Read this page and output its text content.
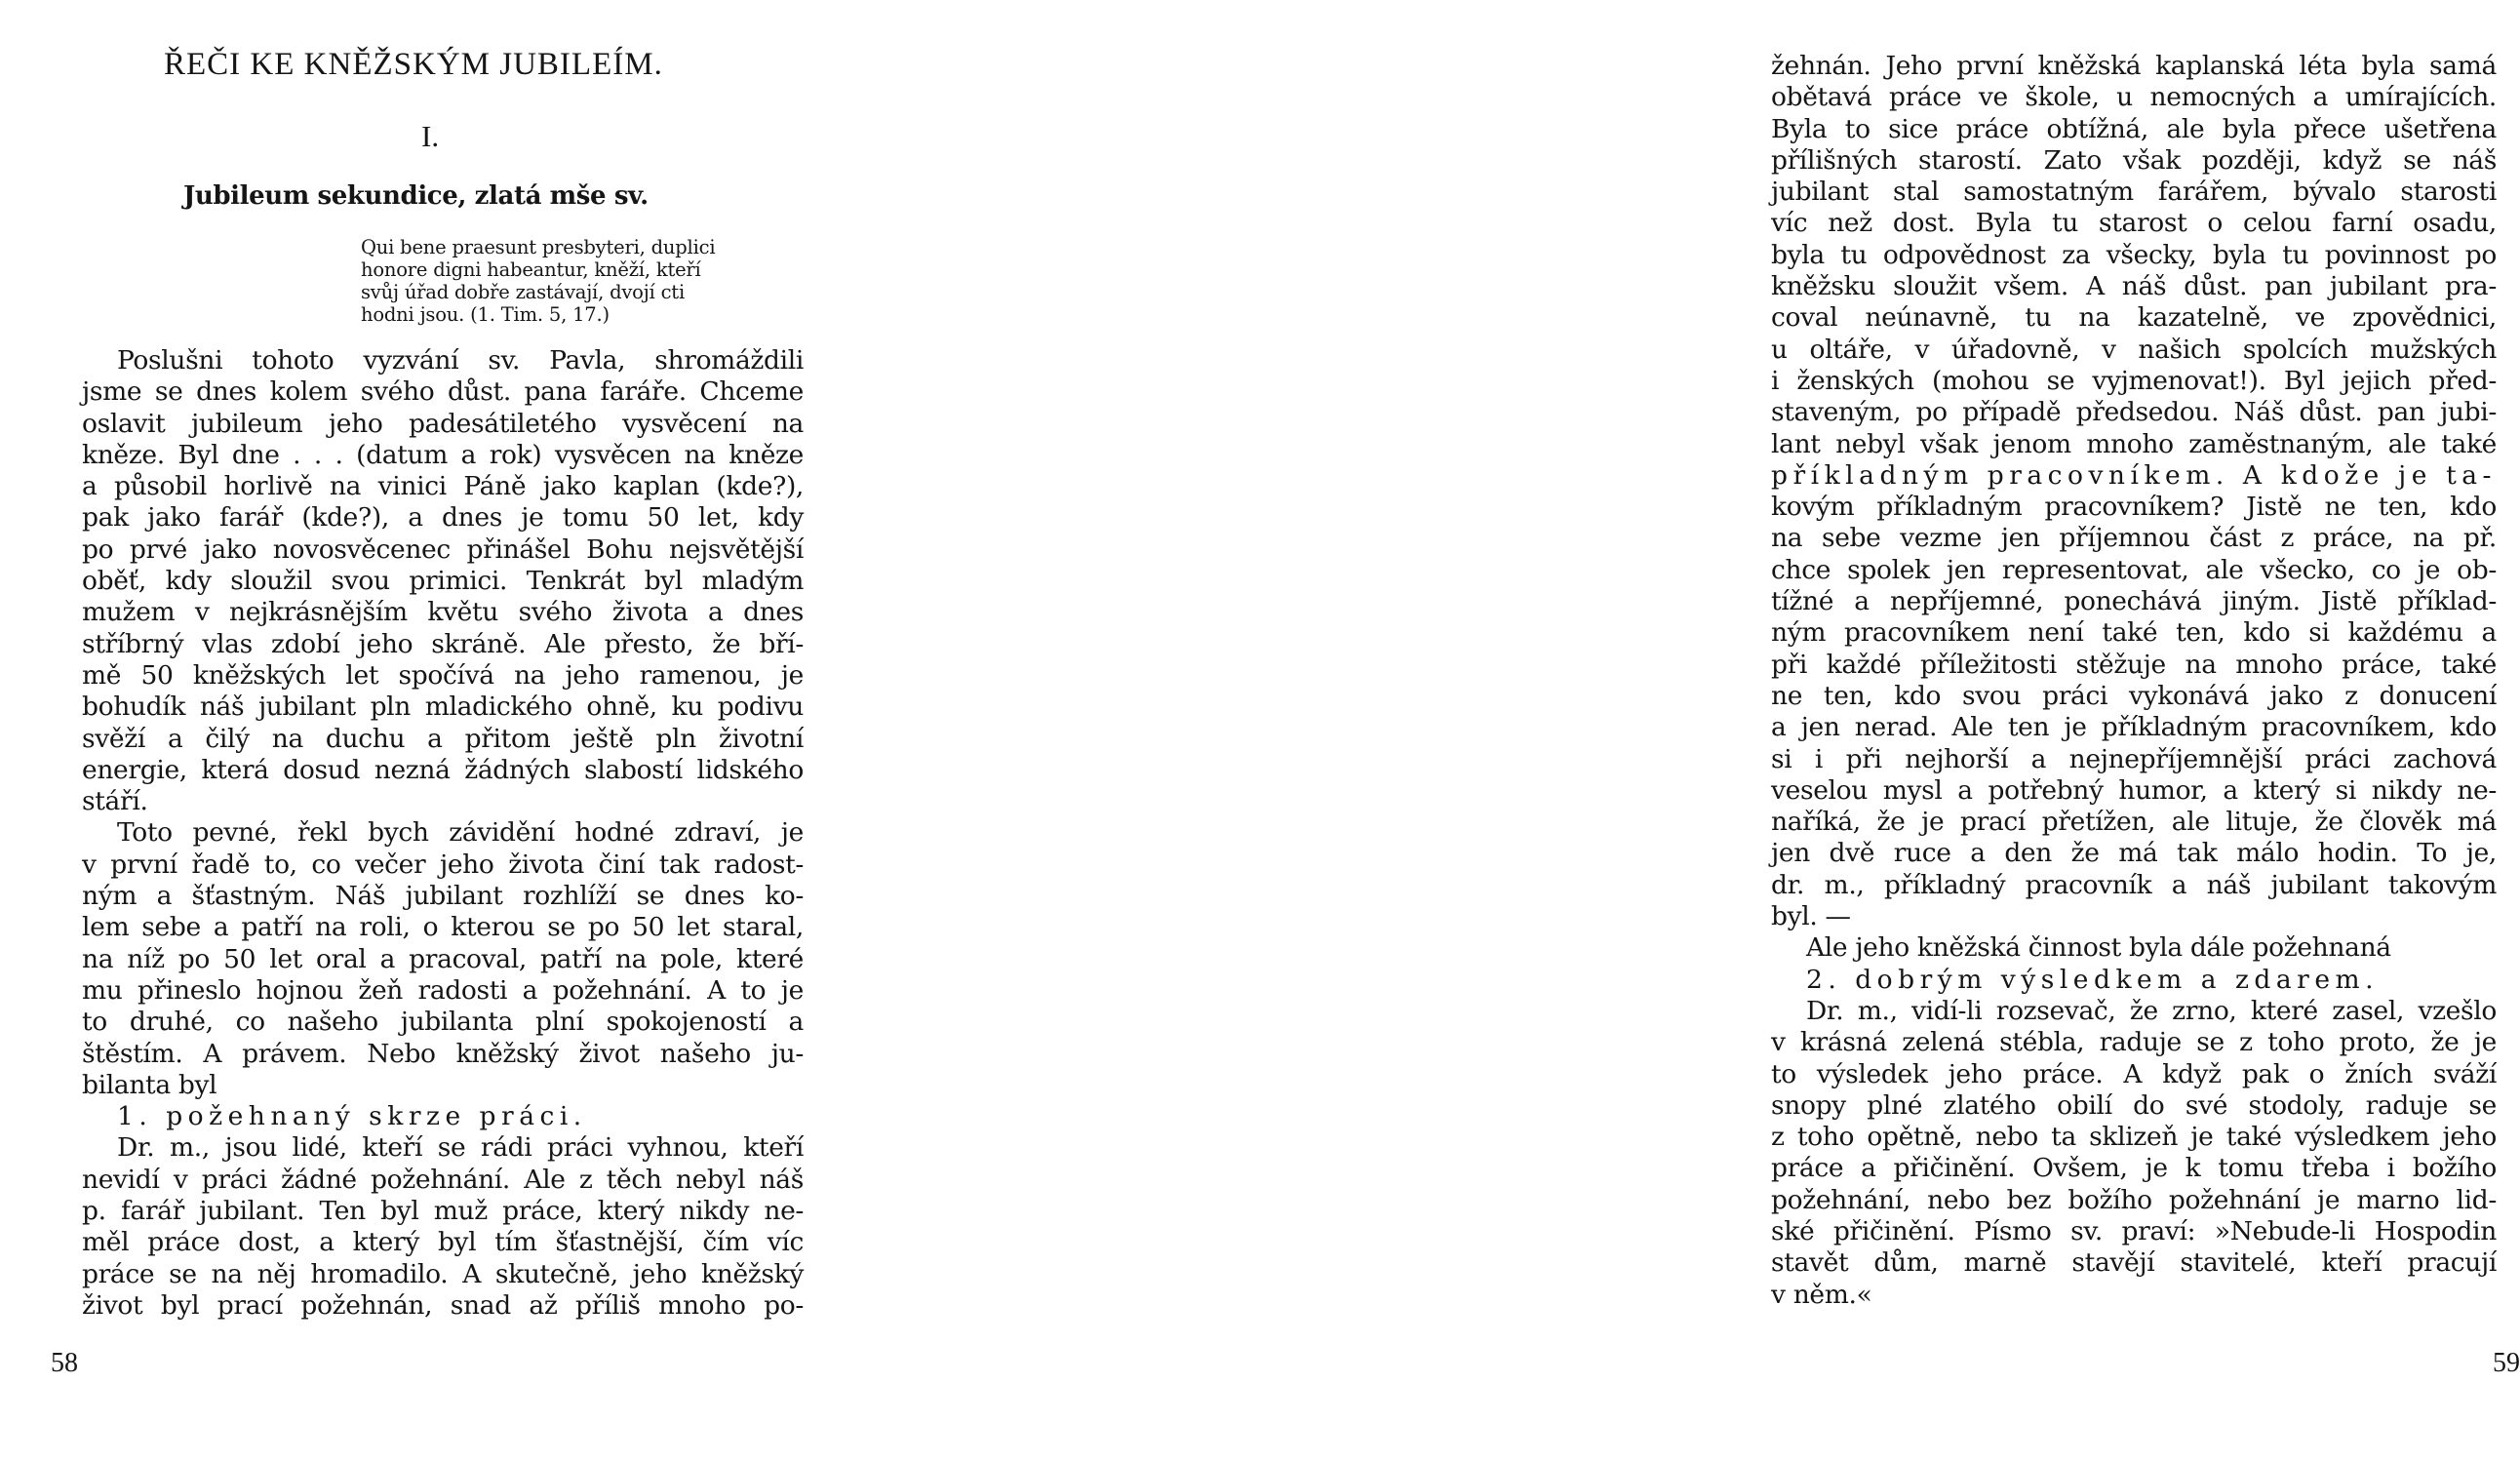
ŘEČI KE KNĚŽSKÝM JUBILEÍM.
I.
Jubileum sekundice, zlatá mše sv.
Qui bene praesunt presbyteri, duplici
honore digni habeantur, kněží, kteří
svůj úřad dobře zastávají, dvojí cti
hodni jsou. (1. Tim. 5, 17.)
Poslušni tohoto vyzvání sv. Pavla, shromáždili
jsme se dnes kolem svého důst. pana faráře. Chceme
oslavit jubileum jeho padesátiletého vysvěcení na
kněze. Byl dne . . . (datum a rok) vysvěcen na kněze
a působil horlivě na vinici Páně jako kaplan (kde?),
pak jako farář (kde?), a dnes je tomu 50 let, kdy
po prvé jako novosvěcenec přinášel Bohu nejsvětější
oběť, kdy sloužil svou primici. Tenkrát byl mladým
mužem v nejkrásnějším květu svého života a dnes
stříbrný vlas zdobí jeho skráně. Ale přesto, že bří-
mě 50 kněžských let spočívá na jeho ramenou, je
bohudík náš jubilant pln mladického ohně, ku podivu
svěží a čilý na duchu a přitom ještě pln životní
energie, která dosud nezná žádných slabostí lidského
stáří.
Toto pevné, řekl bych závidění hodné zdraví, je
v první řadě to, co večer jeho života činí tak radost-
ným a šťastným. Náš jubilant rozhlíží se dnes ko-
lem sebe a patří na roli, o kterou se po 50 let staral,
na níž po 50 let oral a pracoval, patří na pole, které
mu přineslo hojnou žeň radosti a požehnání. A to je
to druhé, co našeho jubilanta plní spokojeností a
štěstím. A právem. Nebo kněžský život našeho ju-
bilanta byl
1. požehnaný skrze práci.
Dr. m., jsou lidé, kteří se rádi práci vyhnou, kteří
nevidí v práci žádné požehnání. Ale z těch nebyl náš
p. farář jubilant. Ten byl muž práce, který nikdy ne-
měl práce dost, a který byl tím šťastnější, čím víc
práce se na něj hromadilo. A skutečně, jeho kněžský
život byl prací požehnán, snad až příliš mnoho po-
58
žehnán. Jeho první kněžská kaplanská léta byla samá
obětavá práce ve škole, u nemocných a umírajících.
Byla to sice práce obtížná, ale byla přece ušetřena
přílišných starostí. Zato však později, když se náš
jubilant stal samostatným farářem, bývalo starosti
víc než dost. Byla tu starost o celou farní osadu,
byla tu odpovědnost za všecky, byla tu povinnost po
kněžsku sloužit všem. A náš důst. pan jubilant pra-
coval neúnavně, tu na kazatelně, ve zpovědnici,
u oltáře, v úřadovně, v našich spolcích mužských
i ženských (mohou se vyjmenovat!). Byl jejich před-
staveným, po případě předsedou. Náš důst. pan jubi-
lant nebyl však jenom mnoho zaměstnaným, ale také
příkladným pracovníkem. A kdože je ta-
kovým příkladným pracovníkem? Jistě ne ten, kdo
na sebe vezme jen příjemnou část z práce, na př.
chce spolek jen representovat, ale všecko, co je ob-
tížné a nepříjemné, ponechává jiným. Jistě příklad-
ným pracovníkem není také ten, kdo si každému a
při každé příležitosti stěžuje na mnoho práce, také
ne ten, kdo svou práci vykonává jako z donucení
a jen nerad. Ale ten je příkladným pracovníkem, kdo
si i při nejhorší a nejnepříjemnější práci zachová
veselou mysl a potřebný humor, a který si nikdy ne-
naříká, že je prací přetížen, ale lituje, že člověk má
jen dvě ruce a den že má tak málo hodin. To je,
dr. m., příkladný pracovník a náš jubilant takovým
byl. —
Ale jeho kněžská činnost byla dále požehnaná
2. dobrým výsledkem a zdarem.
Dr. m., vidí-li rozsevač, že zrno, které zasel, vzešlo
v krásná zelená stébla, raduje se z toho proto, že je
to výsledek jeho práce. A když pak o žních sváží
snopy plné zlatého obilí do své stodoly, raduje se
z toho opětně, nebo ta sklizeň je také výsledkem jeho
práce a přičinění. Ovšem, je k tomu třeba i božího
požehnání, nebo bez božího požehnání je marno lid-
ské přičinění. Písmo sv. praví: »Nebude-li Hospodin
stavět dům, marně stavějí stavitelé, kteří pracují
v něm.«
59
